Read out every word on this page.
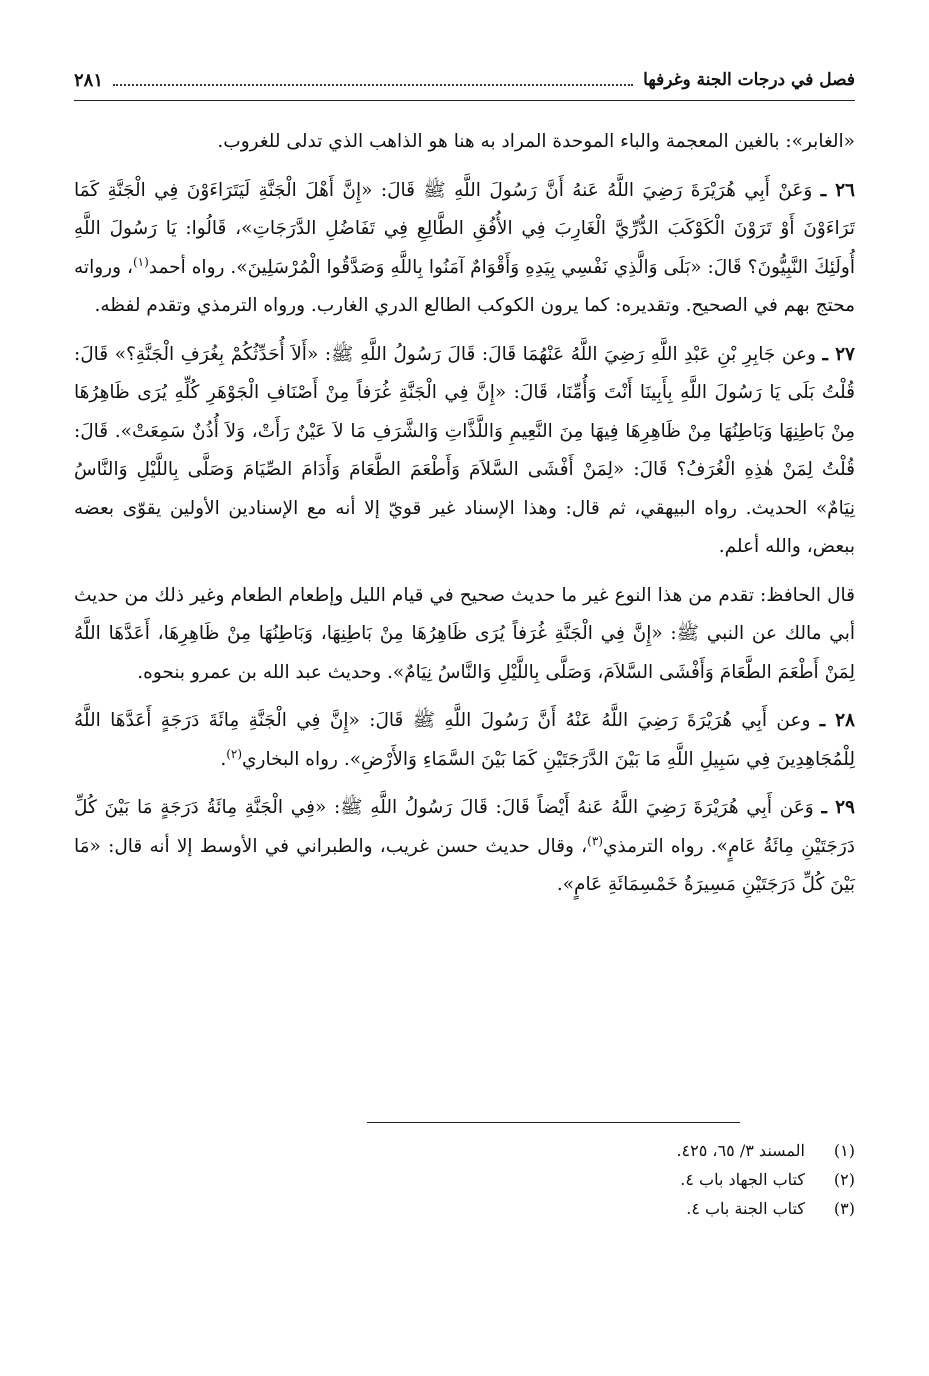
فصل في درجات الجنة وغرفها
٢٨١

«الغابر»: بالغين المعجمة والباء الموحدة المراد به هنا هو الذاهب الذي تدلى للغروب.

٢٦ ـ وَعَنْ أَبِي هُرَيْرَةَ رَضِيَ اللَّهُ عَنهُ أَنَّ رَسُولَ اللَّهِ ﷺ قَالَ: «إِنَّ أَهْلَ الْجَنَّةِ لَيَتَرَاءَوْنَ فِي الْجَنَّةِ كَمَا تَرَاءَوْنَ أَوْ تَرَوْنَ الْكَوْكَبَ الدُّرِّيَّ الْغَارِبَ فِي الأُفُقِ الطَّالِعِ فِي تَفَاضُلِ الدَّرَجَاتِ»، قَالُوا: يَا رَسُولَ اللَّهِ أُولَئِكَ النَّبِيُّونَ؟ قَالَ: «بَلَى وَالَّذِي نَفْسِي بِيَدِهِ وَأَقْوَامٌ آمَنُوا بِاللَّهِ وَصَدَّقُوا الْمُرْسَلِينَ». رواه أحمد$^{(١)}$، ورواته محتج بهم في الصحيح. وتقديره: كما يرون الكوكب الطالع الدري الغارب. ورواه الترمذي وتقدم لفظه.

٢٧ ـ وعن جَابِرِ بْنِ عَبْدِ اللَّهِ رَضِيَ اللَّهُ عَنْهُمَا قَالَ: قَالَ رَسُولُ اللَّهِ ﷺ: «أَلاَ أُحَدِّثُكُمْ بِغُرَفِ الْجَنَّةِ؟» قَالَ: قُلْتُ بَلَى يَا رَسُولَ اللَّهِ بِأَبِينَا أَنْتَ وَأُمِّنَا، قَالَ: «إِنَّ فِي الْجَنَّةِ غُرَفاً مِنْ أَصْنَافِ الْجَوْهَرِ كُلِّهِ يُرَى ظَاهِرُهَا مِنْ بَاطِنِهَا وَبَاطِنُهَا مِنْ ظَاهِرِهَا فِيهَا مِنَ النَّعِيمِ وَاللَّذَّاتِ وَالشَّرَفِ مَا لاَ عَيْنٌ رَأَتْ، وَلاَ أُذُنٌ سَمِعَتْ». قَالَ: قُلْتُ لِمَنْ هٰذِهِ الْغُرَفُ؟ قَالَ: «لِمَنْ أَفْشَى السَّلاَمَ وَأَطْعَمَ الطَّعَامَ وَأَدَامَ الصِّيَامَ وَصَلَّى بِاللَّيْلِ وَالنَّاسُ نِيَامٌ» الحديث. رواه البيهقي، ثم قال: وهذا الإسناد غير قويّ إلا أنه مع الإسنادين الأولين يقوّى بعضه ببعض، والله أعلم.

قال الحافظ: تقدم من هذا النوع غير ما حديث صحيح في قيام الليل وإطعام الطعام وغير ذلك من حديث أبي مالك عن النبي ﷺ: «إِنَّ فِي الْجَنَّةِ غُرَفاً يُرَى ظَاهِرُهَا مِنْ بَاطِنِهَا، وَبَاطِنُهَا مِنْ ظَاهِرِهَا، أَعَدَّهَا اللَّهُ لِمَنْ أَطْعَمَ الطَّعَامَ وَأَفْشَى السَّلاَمَ، وَصَلَّى بِاللَّيْلِ وَالنَّاسُ نِيَامٌ». وحديث عبد الله بن عمرو بنحوه.

٢٨ ـ وعن أَبِي هُرَيْرَةَ رَضِيَ اللَّهُ عَنْهُ أَنَّ رَسُولَ اللَّهِ ﷺ قَالَ: «إِنَّ فِي الْجَنَّةِ مِائَةَ دَرَجَةٍ أَعَدَّهَا اللَّهُ لِلْمُجَاهِدِينَ فِي سَبِيلِ اللَّهِ مَا بَيْنَ الدَّرَجَتَيْنِ كَمَا بَيْنَ السَّمَاءِ وَالأَرْضِ». رواه البخاري$^{(٢)}$.

٢٩ ـ وَعَن أَبِي هُرَيْرَةَ رَضِيَ اللَّهُ عَنهُ أَيْضاً قَالَ: قَالَ رَسُولُ اللَّهِ ﷺ: «فِي الْجَنَّةِ مِائَةُ دَرَجَةٍ مَا بَيْنَ كُلِّ دَرَجَتَيْنِ مِائَةُ عَامٍ». رواه الترمذي$^{(٣)}$، وقال حديث حسن غريب، والطبراني في الأوسط إلا أنه قال: «مَا بَيْنَ كُلِّ دَرَجَتَيْنِ مَسِيرَةُ خَمْسِمَائَةِ عَامٍ».

(١)
المسند ٣/ ٦٥، ٤٢٥.
(٢)
كتاب الجهاد باب ٤.
(٣)
كتاب الجنة باب ٤.
